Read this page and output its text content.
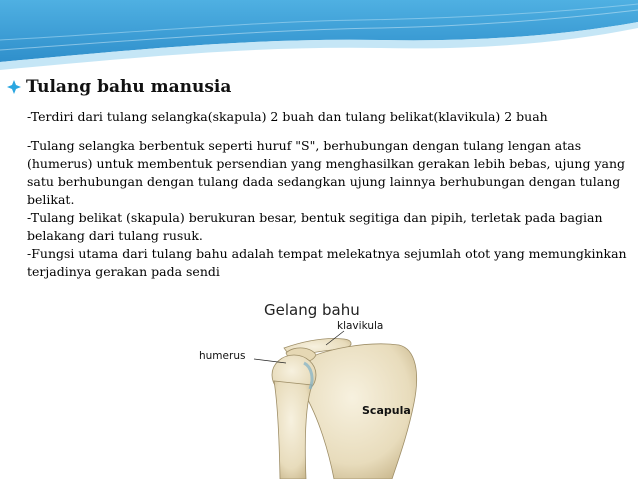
Tulang bahu manusia
-Terdiri dari tulang selangka(skapula) 2 buah dan tulang belikat(klavikula) 2 buah

-Tulang selangka berbentuk seperti huruf "S", berhubungan dengan tulang lengan atas (humerus) untuk membentuk persendian yang menghasilkan gerakan lebih bebas, ujung yang satu berhubungan dengan tulang dada sedangkan ujung lainnya berhubungan dengan tulang belikat.

-Tulang belikat (skapula) berukuran besar, bentuk segitiga dan pipih, terletak pada bagian belakang dari tulang rusuk.

-Fungsi utama dari tulang bahu adalah tempat melekatnya sejumlah otot yang memungkinkan terjadinya gerakan pada sendi

Gelang bahu
klavikula
humerus
Scapula
